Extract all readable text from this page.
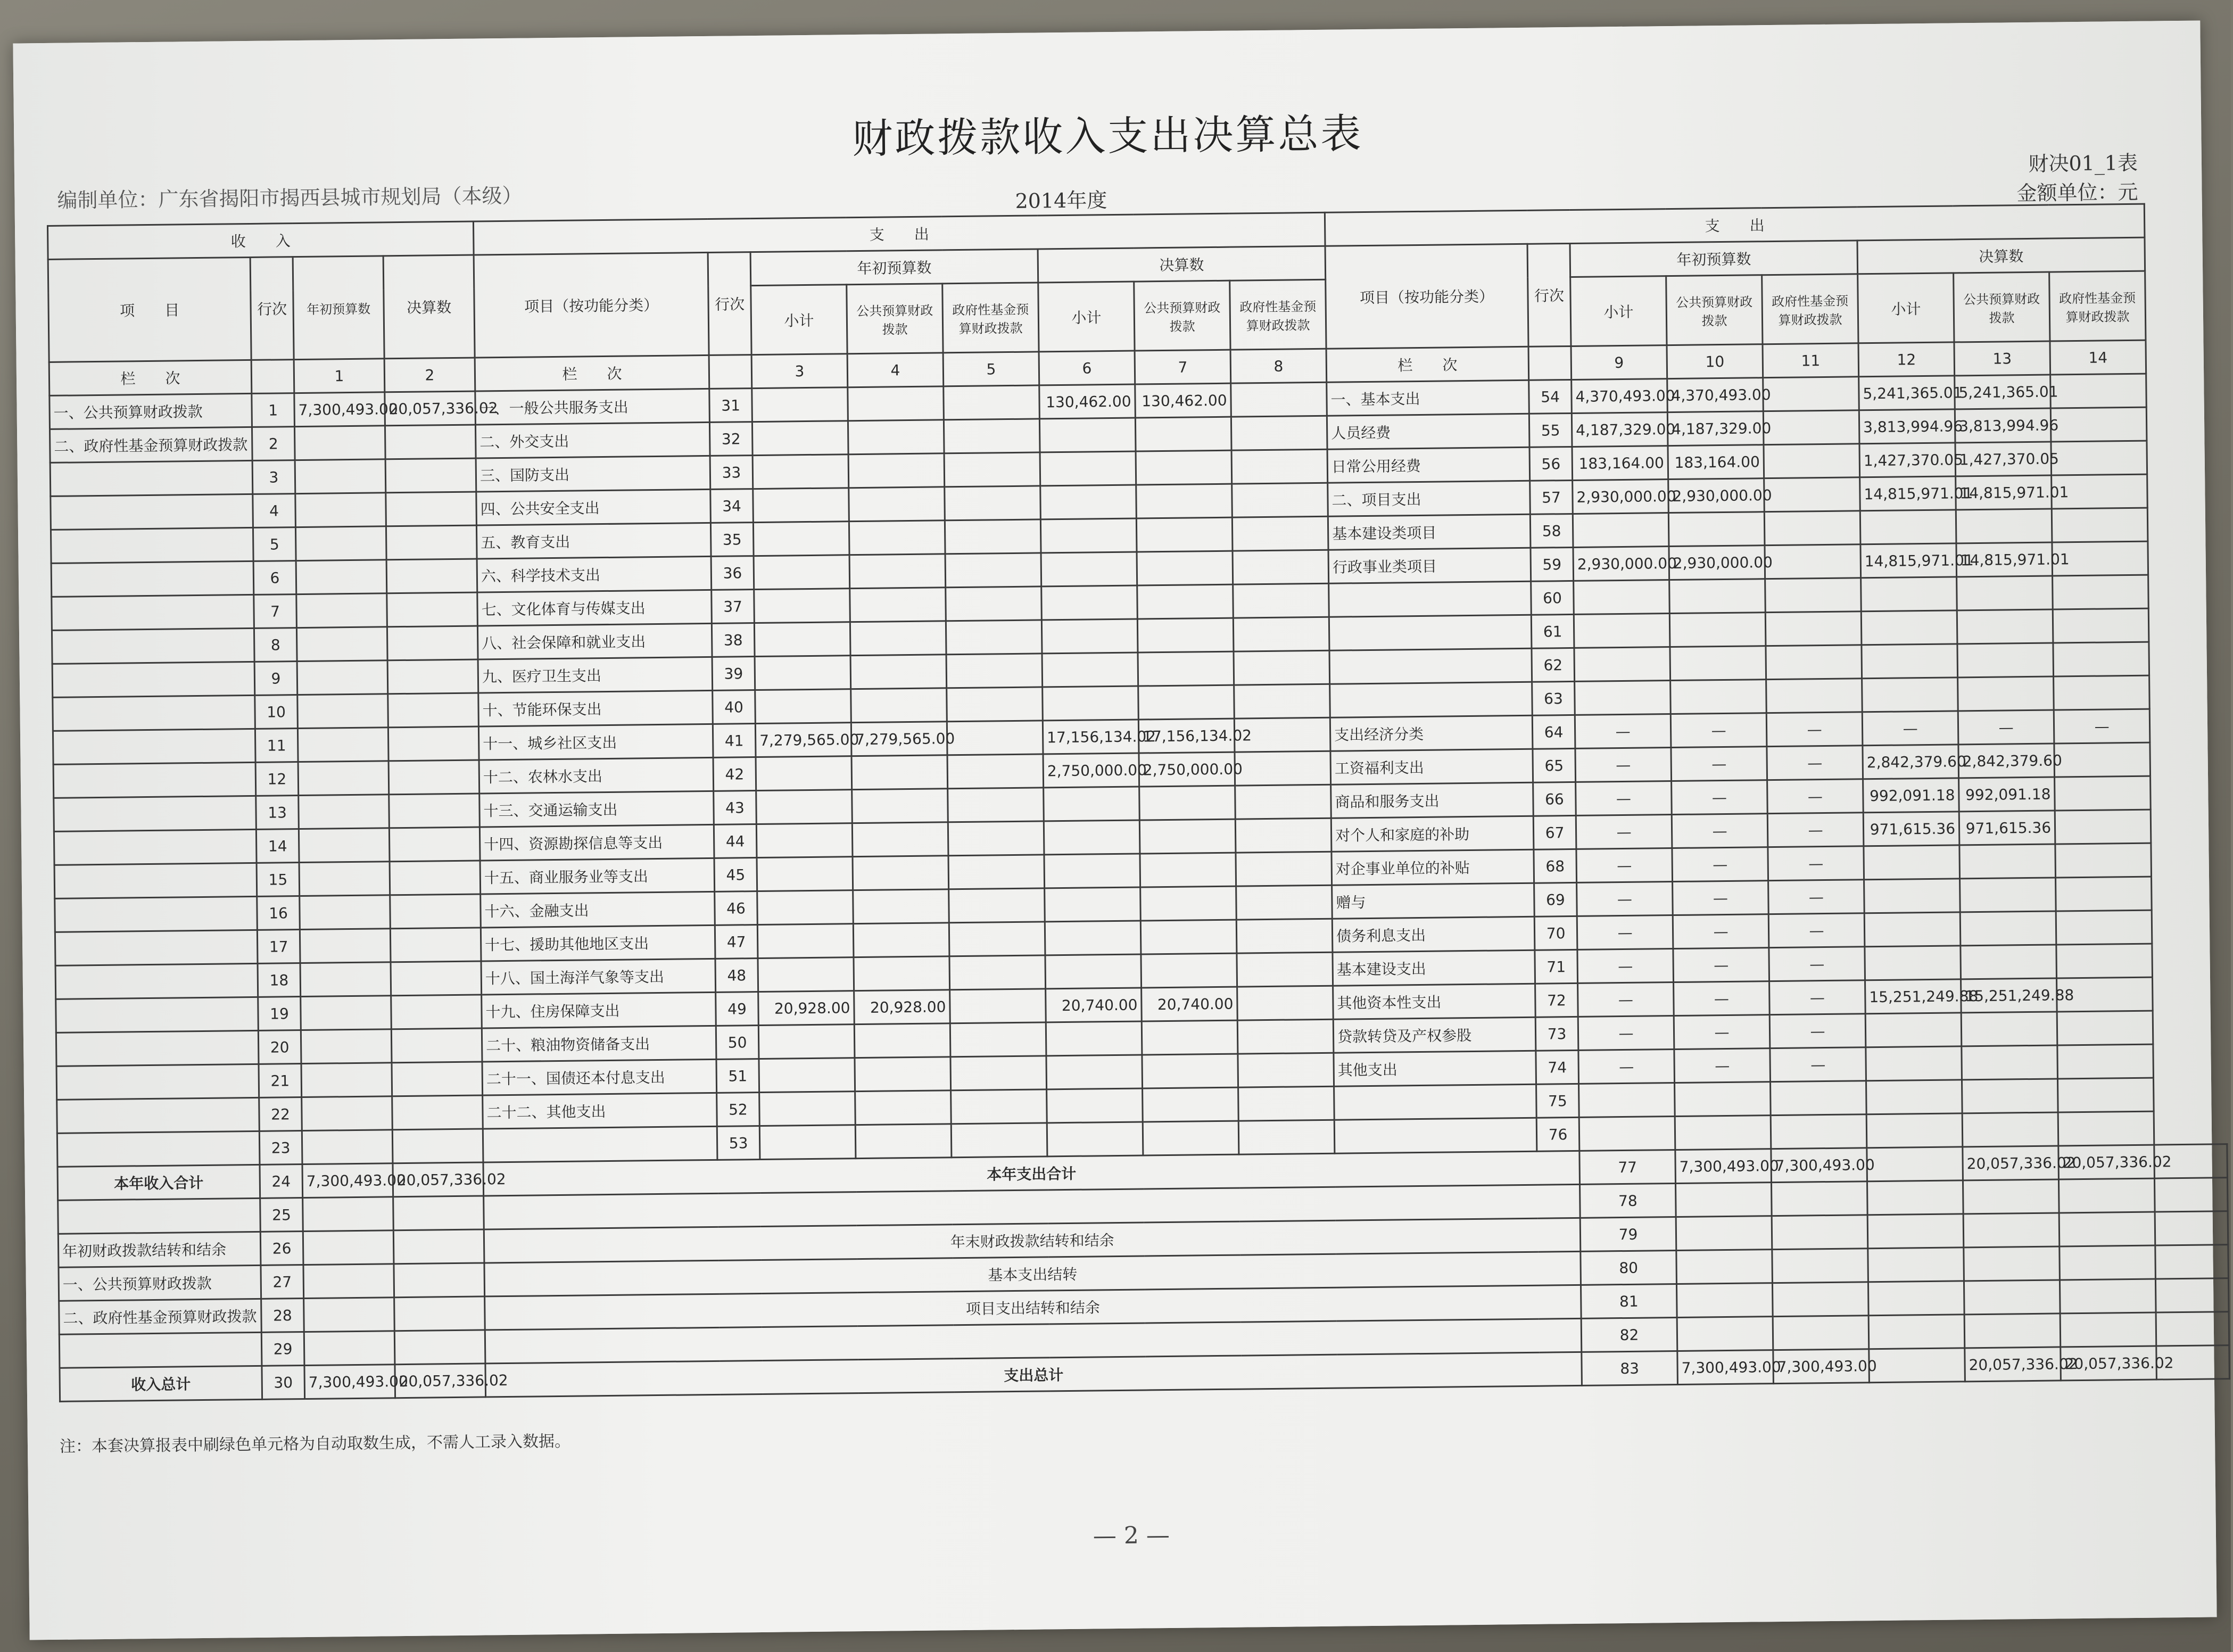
财政拨款收入支出决算总表
编制单位：广东省揭阳市揭西县城市规划局（本级）	2014年度
财决01_1表
金额单位：元
收　　入				支　　出								支　　出								
项　　目	行次	年初预算数	决算数	项目（按功能分类）	行次	年初预算数			决算数			项目（按功能分类）	行次	年初预算数			决算数			
						小计	公共预算财政拨款	政府性基金预算财政拨款	小计	公共预算财政拨款	政府性基金预算财政拨款			小计	公共预算财政拨款	政府性基金预算财政拨款	小计	公共预算财政拨款	政府性基金预算财政拨款	
栏　　次		1	2	栏　　次		3	4	5	6	7	8	栏　　次		9	10	11	12	13	14	
一、公共预算财政拨款	1	7,300,493.00	20,057,336.02	一、一般公共服务支出	31				130,462.00	130,462.00		一、基本支出	54	4,370,493.00	4,370,493.00		5,241,365.01	5,241,365.01		
二、政府性基金预算财政拨款	2			二、外交支出	32							人员经费	55	4,187,329.00	4,187,329.00		3,813,994.96	3,813,994.96		
	3			三、国防支出	33							日常公用经费	56	183,164.00	183,164.00		1,427,370.05	1,427,370.05		
	4			四、公共安全支出	34							二、项目支出	57	2,930,000.00	2,930,000.00		14,815,971.01	14,815,971.01		
	5			五、教育支出	35							基本建设类项目	58							
	6			六、科学技术支出	36							行政事业类项目	59	2,930,000.00	2,930,000.00		14,815,971.01	14,815,971.01		
	7			七、文化体育与传媒支出	37								60							
	8			八、社会保障和就业支出	38								61							
	9			九、医疗卫生支出	39								62							
	10			十、节能环保支出	40								63							
	11			十一、城乡社区支出	41	7,279,565.00	7,279,565.00		17,156,134.02	17,156,134.02		支出经济分类	64	—	—	—	—	—	—	
	12			十二、农林水支出	42				2,750,000.00	2,750,000.00		工资福利支出	65	—	—	—	2,842,379.60	2,842,379.60		
	13			十三、交通运输支出	43							商品和服务支出	66	—	—	—	992,091.18	992,091.18		
	14			十四、资源勘探信息等支出	44							对个人和家庭的补助	67	—	—	—	971,615.36	971,615.36		
	15			十五、商业服务业等支出	45							对企事业单位的补贴	68	—	—	—				
	16			十六、金融支出	46							赠与	69	—	—	—				
	17			十七、援助其他地区支出	47							债务利息支出	70	—	—	—				
	18			十八、国土海洋气象等支出	48							基本建设支出	71	—	—	—				
	19			十九、住房保障支出	49	20,928.00	20,928.00		20,740.00	20,740.00		其他资本性支出	72	—	—	—	15,251,249.88	15,251,249.88		
	20			二十、粮油物资储备支出	50							贷款转贷及产权参股	73	—	—	—				
	21			二十一、国债还本付息支出	51							其他支出	74	—	—	—				
	22			二十二、其他支出	52								75							
	23				53								76							
本年收入合计	24	7,300,493.00	20,057,336.02	本年支出合计										77	7,300,493.00	7,300,493.00		20,057,336.02	20,057,336.02	
	25													78						
年初财政拨款结转和结余	26			年末财政拨款结转和结余										79						
一、公共预算财政拨款	27			基本支出结转										80						
二、政府性基金预算财政拨款	28			项目支出结转和结余										81						
	29													82						
收入总计	30	7,300,493.00	20,057,336.02	支出总计										83	7,300,493.00	7,300,493.00		20,057,336.02	20,057,336.02	
注：本套决算报表中刷绿色单元格为自动取数生成，不需人工录入数据。
— 2 —
